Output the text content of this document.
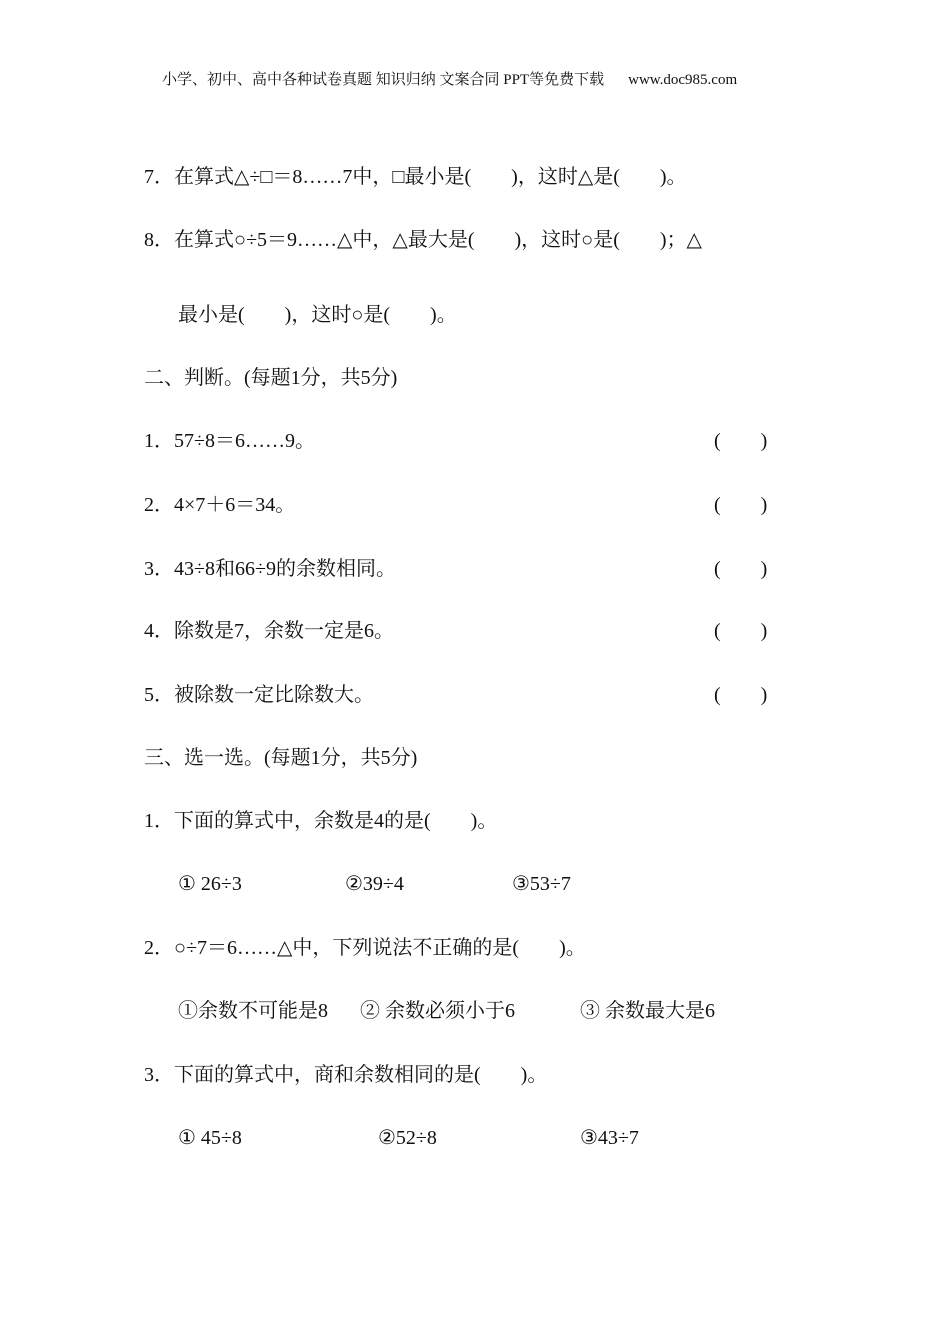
小学、初中、高中各种试卷真题 知识归纳 文案合同 PPT等免费下载 www.doc985.com
7．在算式△÷□＝8……7中，□最小是(　　)，这时△是(　　)。
8．在算式○÷5＝9……△中，△最大是(　　)，这时○是(　　)；△
最小是(　　)，这时○是(　　)。
二、判断。(每题1分，共5分)
1．57÷8＝6……9。	(　　)
2．4×7＋6＝34。	(　　)
3．43÷8和66÷9的余数相同。	(　　)
4．除数是7，余数一定是6。	(　　)
5．被除数一定比除数大。	(　　)
三、选一选。(每题1分，共5分)
1．下面的算式中，余数是4的是(　　)。
① 26÷3	②39÷4	③53÷7
2．○÷7＝6……△中，下列说法不正确的是(　　)。
①余数不可能是8 ② 余数必须小于6	③ 余数最大是6
3．下面的算式中，商和余数相同的是(　　)。
① 45÷8	②52÷8	③43÷7
